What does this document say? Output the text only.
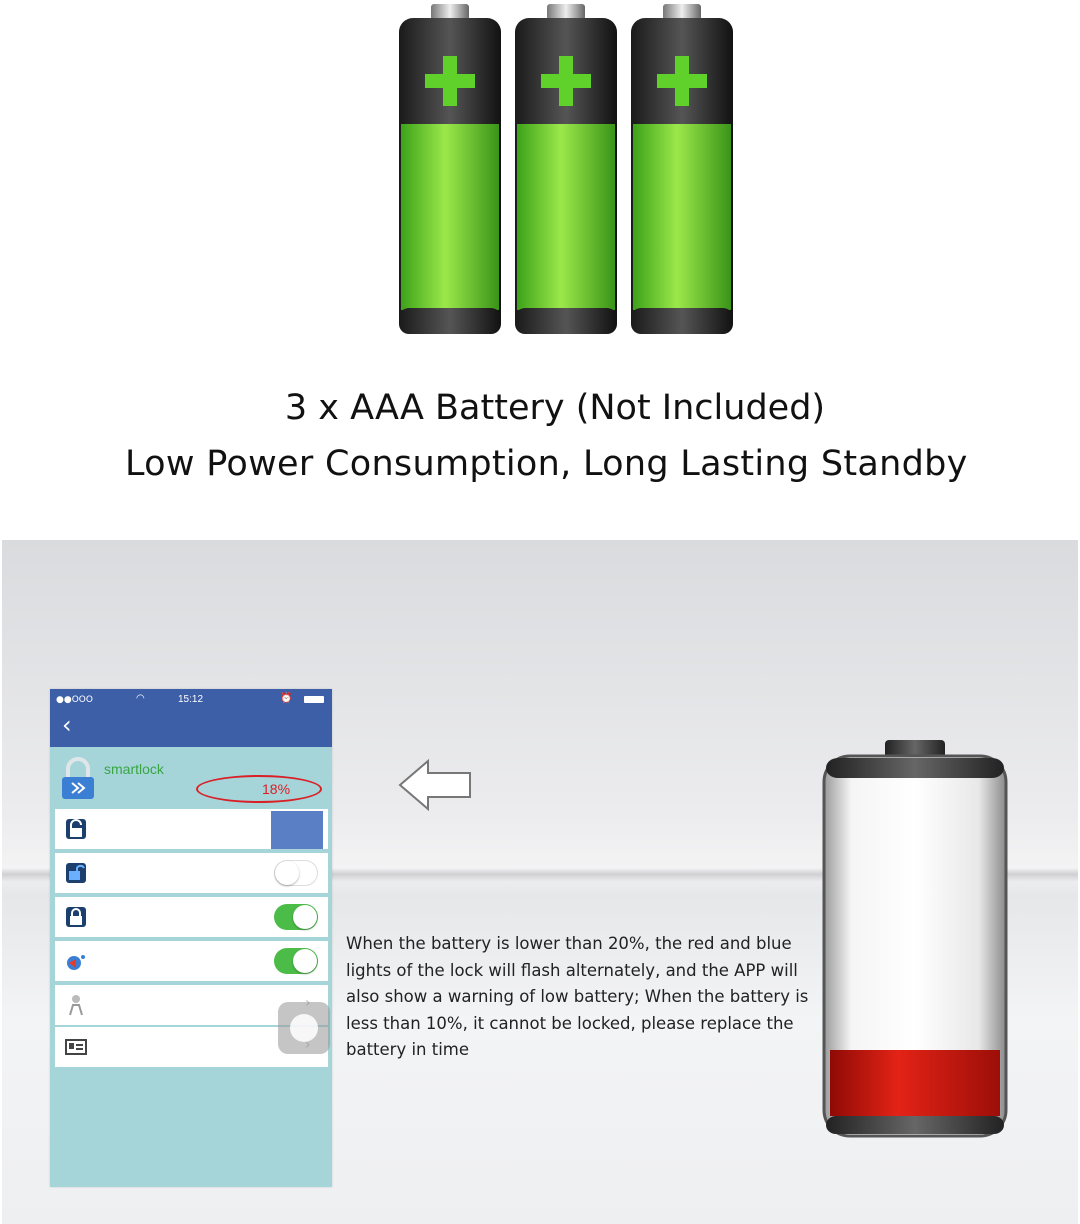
3 x AAA Battery (Not Included)
Low Power Consumption, Long Lasting Standby
●●OOO	◠	15:12	⏰
‹
smartlock
18%
When the battery is lower than 20%, the red and blue lights of the lock will flash alternately, and the APP will also show a warning of low battery; When the battery is less than 10%, it cannot be locked, please replace the battery in time
